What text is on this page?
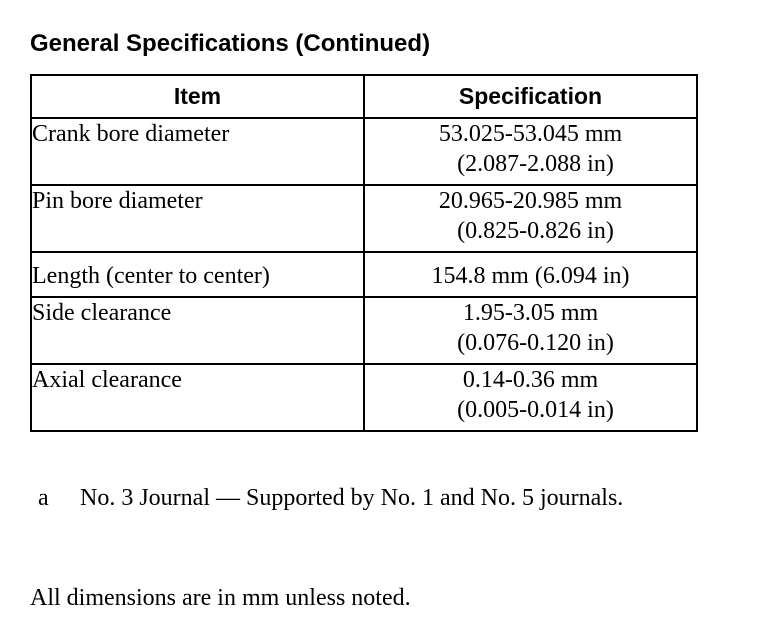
General Specifications (Continued)
Item	Specification
Crank bore diameter	53.025-53.045 mm
(2.087-2.088 in)

Pin bore diameter	20.965-20.985 mm
(0.825-0.826 in)

Length (center to center)	154.8 mm (6.094 in)

Side clearance	1.95-3.05 mm
(0.076-0.120 in)

Axial clearance	0.14-0.36 mm
(0.005-0.014 in)
a No. 3 Journal — Supported by No. 1 and No. 5 journals.
All dimensions are in mm unless noted.
